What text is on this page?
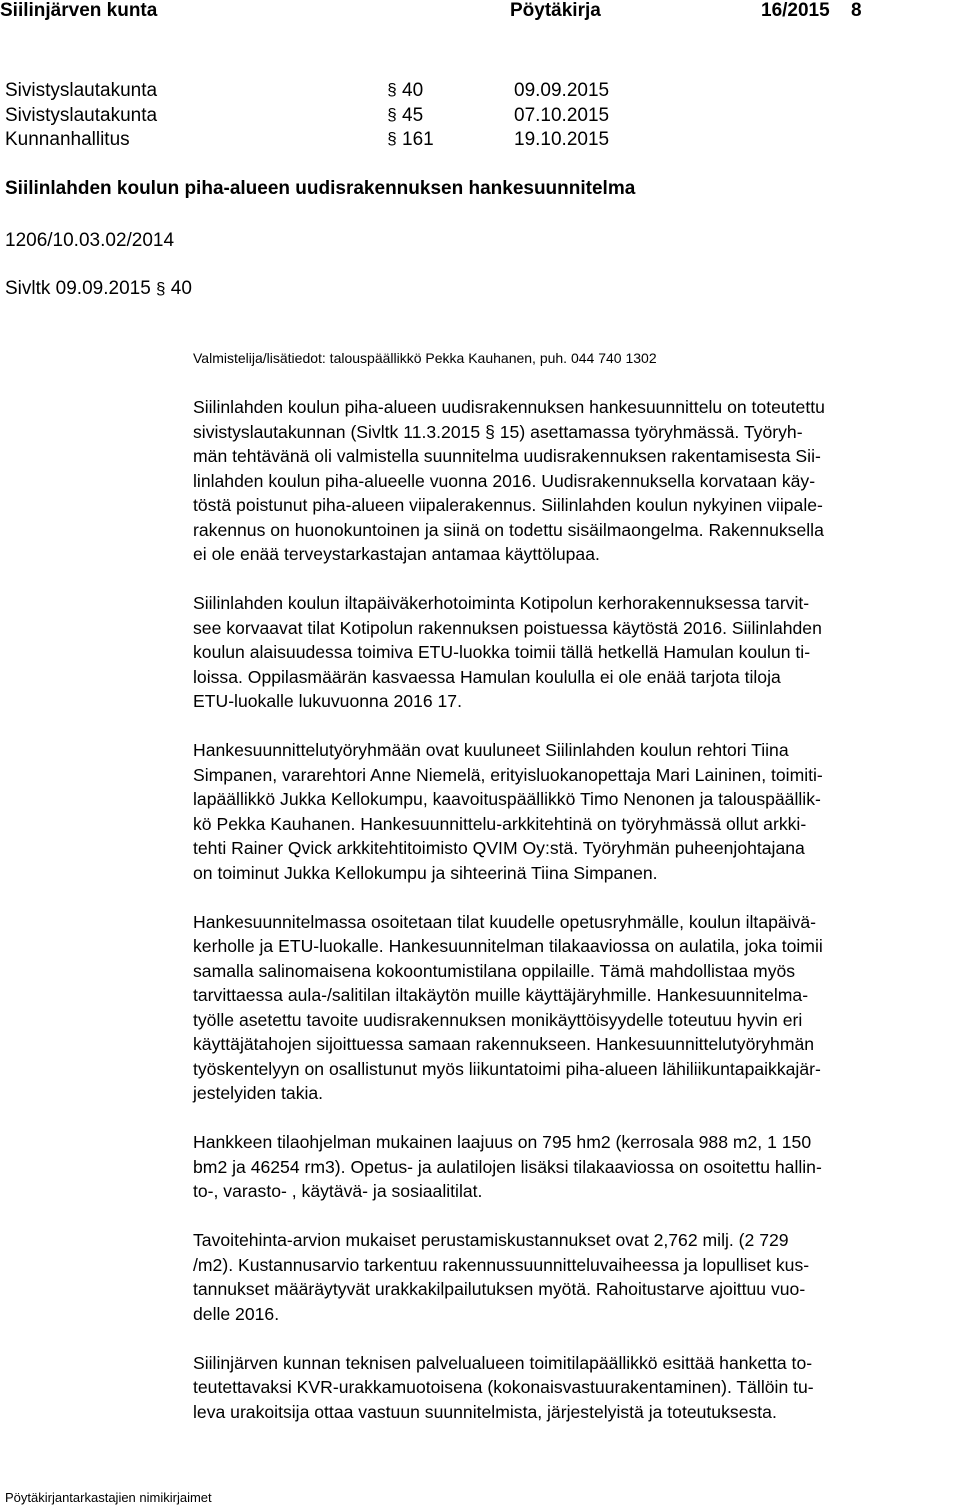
Siilinjärven kunta	Pöytäkirja	16/2015 8
Sivistyslautakunta	§ 40	09.09.2015
Sivistyslautakunta	§ 45	07.10.2015
Kunnanhallitus	§ 161	19.10.2015
Siilinlahden koulun piha-alueen uudisrakennuksen hankesuunnitelma
1206/10.03.02/2014
Sivltk 09.09.2015 § 40
Valmistelija/lisätiedot: talouspäällikkö Pekka Kauhanen, puh. 044 740 1302

Siilinlahden koulun piha-alueen uudisrakennuksen hankesuunnittelu on toteutettu
sivistyslautakunnan (Sivltk 11.3.2015 § 15) asettamassa työryhmässä. Työryh-
män tehtävänä oli valmistella suunnitelma uudisrakennuksen rakentamisesta Sii-
linlahden koulun piha-alueelle vuonna 2016. Uudisrakennuksella korvataan käy-
töstä poistunut piha-alueen viipalerakennus. Siilinlahden koulun nykyinen viipale-
rakennus on huonokuntoinen ja siinä on todettu sisäilmaongelma. Rakennuksella
ei ole enää terveystarkastajan antamaa käyttölupaa.

Siilinlahden koulun iltapäiväkerhotoiminta Kotipolun kerhorakennuksessa tarvit-
see korvaavat tilat Kotipolun rakennuksen poistuessa käytöstä 2016. Siilinlahden
koulun alaisuudessa toimiva ETU-luokka toimii tällä hetkellä Hamulan koulun ti-
loissa. Oppilasmäärän kasvaessa Hamulan koululla ei ole enää tarjota tiloja
ETU-luokalle lukuvuonna 2016 17.

Hankesuunnittelutyöryhmään ovat kuuluneet Siilinlahden koulun rehtori Tiina
Simpanen, vararehtori Anne Niemelä, erityisluokanopettaja Mari Laininen, toimiti-
lapäällikkö Jukka Kellokumpu, kaavoituspäällikkö Timo Nenonen ja talouspäällik-
kö Pekka Kauhanen. Hankesuunnittelu-arkkitehtinä on työryhmässä ollut arkki-
tehti Rainer Qvick arkkitehtitoimisto QVIM Oy:stä. Työryhmän puheenjohtajana
on toiminut Jukka Kellokumpu ja sihteerinä Tiina Simpanen.

Hankesuunnitelmassa osoitetaan tilat kuudelle opetusryhmälle, koulun iltapäivä-
kerholle ja ETU-luokalle. Hankesuunnitelman tilakaaviossa on aulatila, joka toimii
samalla salinomaisena kokoontumistilana oppilaille. Tämä mahdollistaa myös
tarvittaessa aula-/salitilan iltakäytön muille käyttäjäryhmille. Hankesuunnitelma-
työlle asetettu tavoite uudisrakennuksen monikäyttöisyydelle toteutuu hyvin eri
käyttäjätahojen sijoittuessa samaan rakennukseen. Hankesuunnittelutyöryhmän
työskentelyyn on osallistunut myös liikuntatoimi piha-alueen lähiliikuntapaikkajär-
jestelyiden takia.

Hankkeen tilaohjelman mukainen laajuus on 795 hm2 (kerrosala 988 m2, 1 150
bm2 ja 46254 rm3). Opetus- ja aulatilojen lisäksi tilakaaviossa on osoitettu hallin-
to-, varasto- , käytävä- ja sosiaalitilat.

Tavoitehinta-arvion mukaiset perustamiskustannukset ovat 2,762 milj. (2 729
/m2). Kustannusarvio tarkentuu rakennussuunnitteluvaiheessa ja lopulliset kus-
tannukset määräytyvät urakkakilpailutuksen myötä. Rahoitustarve ajoittuu vuo-
delle 2016.

Siilinjärven kunnan teknisen palvelualueen toimitilapäällikkö esittää hanketta to-
teutettavaksi KVR-urakkamuotoisena (kokonaisvastuurakentaminen). Tällöin tu-
leva urakoitsija ottaa vastuun suunnitelmista, järjestelyistä ja toteutuksesta.

Pöytäkirjantarkastajien nimikirjaimet
